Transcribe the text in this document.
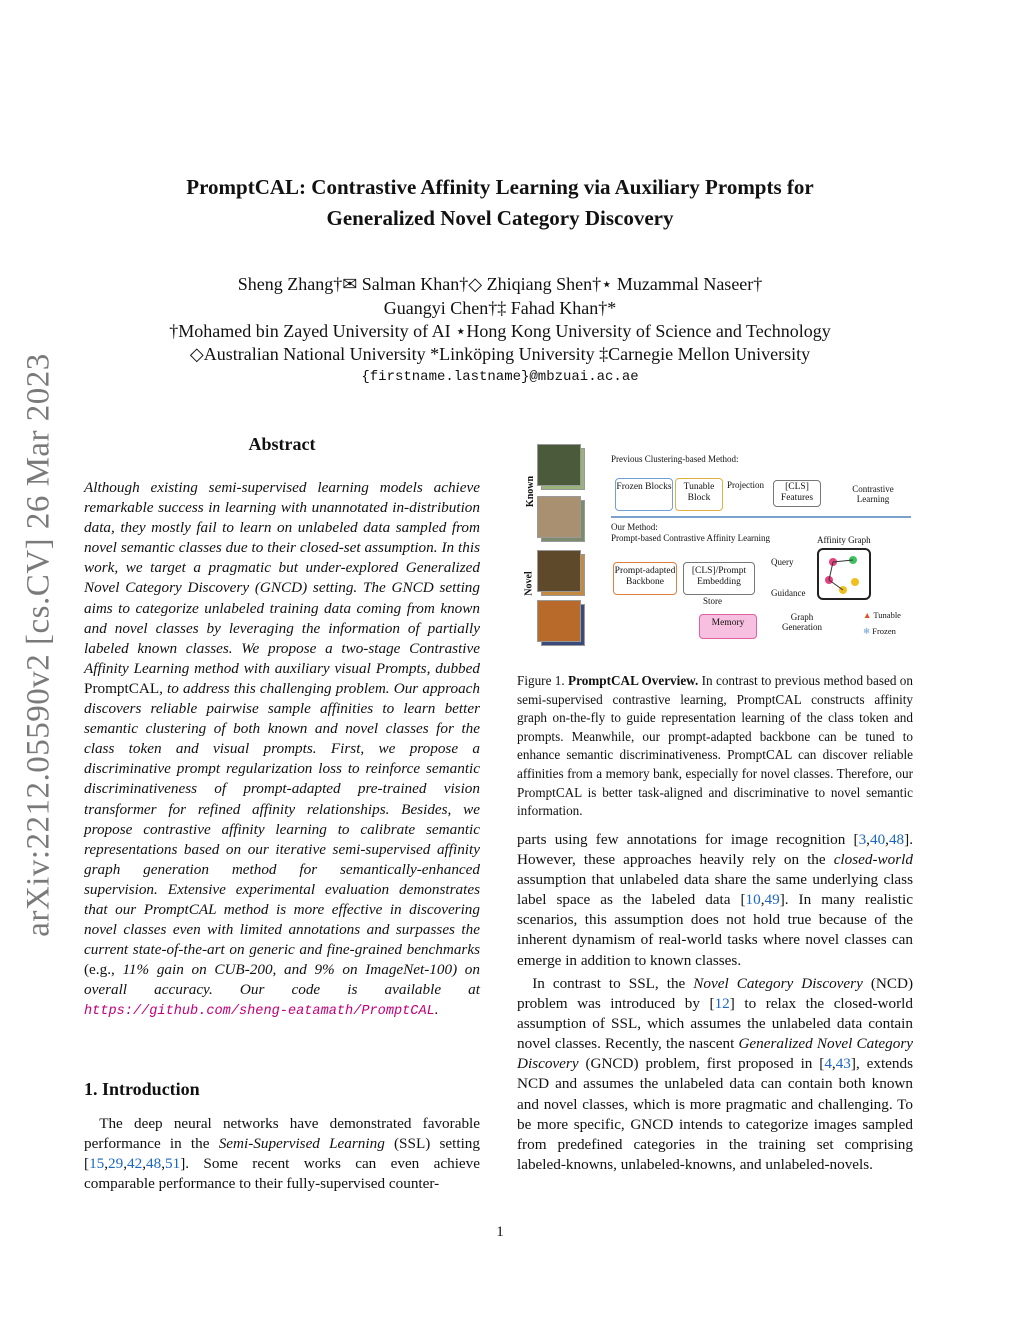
PromptCAL: Contrastive Affinity Learning via Auxiliary Prompts for
Generalized Novel Category Discovery
Sheng Zhang†✉ Salman Khan†◇ Zhiqiang Shen†⋆ Muzammal Naseer†
Guangyi Chen†‡ Fahad Khan†*
†Mohamed bin Zayed University of AI ⋆Hong Kong University of Science and Technology
◇Australian National University *Linköping University ‡Carnegie Mellon University
{firstname.lastname}@mbzuai.ac.ae
arXiv:2212.05590v2 [cs.CV] 26 Mar 2023	Abstract
Although existing semi-supervised learning models achieve remarkable success in learning with unannotated in-distribution data, they mostly fail to learn on unlabeled data sampled from novel semantic classes due to their closed-set assumption. In this work, we target a pragmatic but under-explored Generalized Novel Category Discovery (GNCD) setting. The GNCD setting aims to categorize unlabeled training data coming from known and novel classes by leveraging the information of partially labeled known classes. We propose a two-stage Contrastive Affinity Learning method with auxiliary visual Prompts, dubbed PromptCAL, to address this challenging problem. Our approach discovers reliable pairwise sample affinities to learn better semantic clustering of both known and novel classes for the class token and visual prompts. First, we propose a discriminative prompt regularization loss to reinforce semantic discriminativeness of prompt-adapted pre-trained vision transformer for refined affinity relationships. Besides, we propose contrastive affinity learning to calibrate semantic representations based on our iterative semi-supervised affinity graph generation method for semantically-enhanced supervision. Extensive experimental evaluation demonstrates that our PromptCAL method is more effective in discovering novel classes even with limited annotations and surpasses the current state-of-the-art on generic and fine-grained benchmarks (e.g., 11% gain on CUB-200, and 9% on ImageNet-100) on overall accuracy. Our code is available at https://github.com/sheng-eatamath/PromptCAL.
1. Introduction
 The deep neural networks have demonstrated favorable performance in the Semi-Supervised Learning (SSL) setting [15,29,42,48,51]. Some recent works can even achieve comparable performance to their fully-supervised counter-
Known
Novel
Previous Clustering-based Method:
Frozen Blocks	Tunable Block
Projection	[CLS] Features
Contrastive Learning
Our Method:
Prompt-based Contrastive Affinity Learning	Affinity Graph
Prompt-adapted Backbone
[CLS]/Prompt Embedding
Query
Guidance
Store
Memory
Graph Generation
▲ Tunable
❄ Frozen
Figure 1. PromptCAL Overview. In contrast to previous method based on semi-supervised contrastive learning, PromptCAL constructs affinity graph on-the-fly to guide representation learning of the class token and prompts. Meanwhile, our prompt-adapted backbone can be tuned to enhance semantic discriminativeness. PromptCAL can discover reliable affinities from a memory bank, especially for novel classes. Therefore, our PromptCAL is better task-aligned and discriminative to novel semantic information.
parts using few annotations for image recognition [3,40,48]. However, these approaches heavily rely on the closed-world assumption that unlabeled data share the same underlying class label space as the labeled data [10,49]. In many realistic scenarios, this assumption does not hold true because of the inherent dynamism of real-world tasks where novel classes can emerge in addition to known classes.
 In contrast to SSL, the Novel Category Discovery (NCD) problem was introduced by [12] to relax the closed-world assumption of SSL, which assumes the unlabeled data contain novel classes. Recently, the nascent Generalized Novel Category Discovery (GNCD) problem, first proposed in [4,43], extends NCD and assumes the unlabeled data can contain both known and novel classes, which is more pragmatic and challenging. To be more specific, GNCD intends to categorize images sampled from predefined categories in the training set comprising labeled-knowns, unlabeled-knowns, and unlabeled-novels.
1
